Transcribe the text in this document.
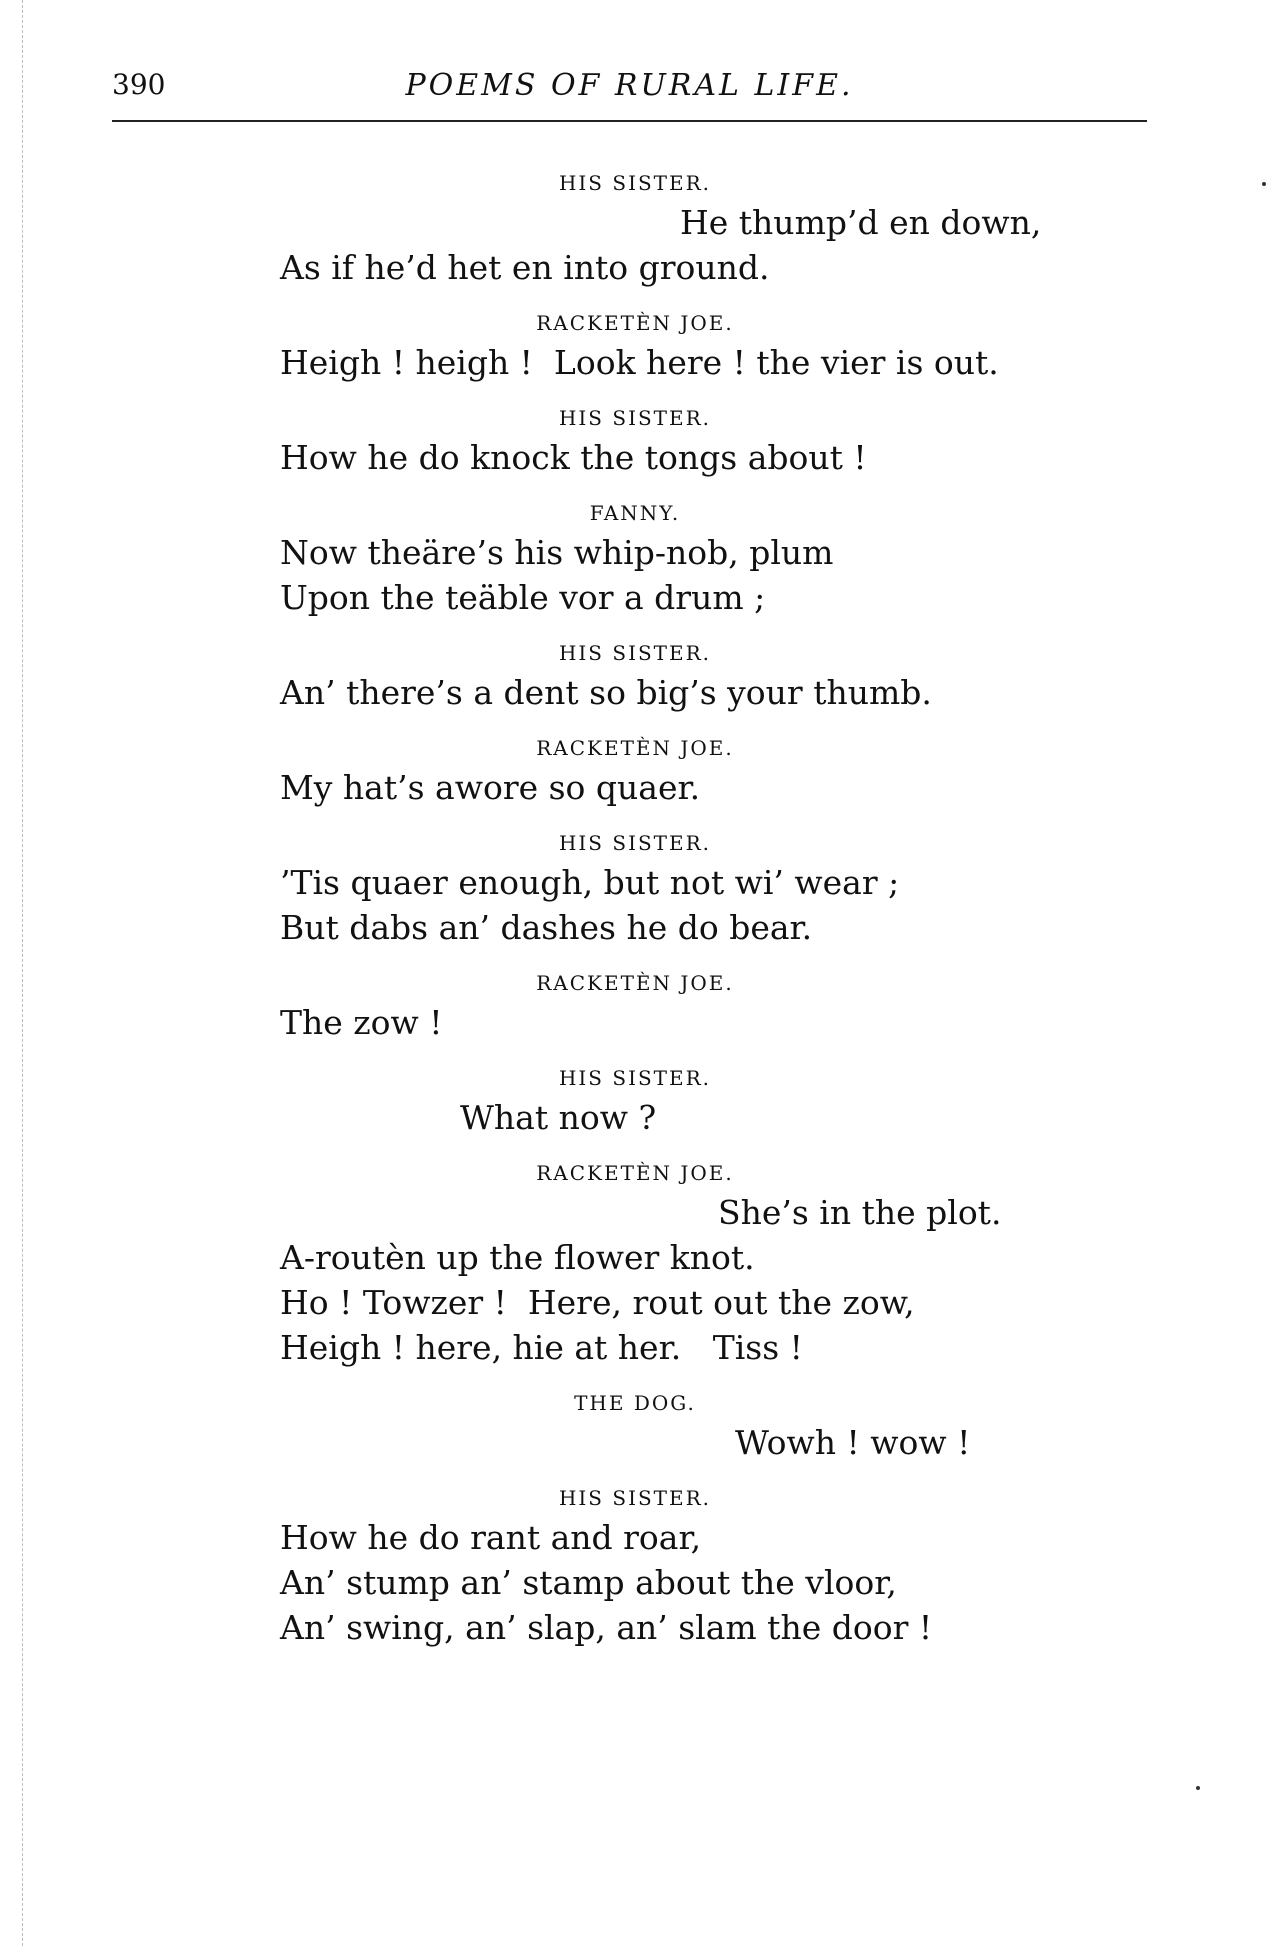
390	POEMS OF RURAL LIFE.
HIS SISTER.
He thump’d en down,
As if he’d het en into ground.
RACKETÈN JOE.
Heigh ! heigh !  Look here ! the vier is out.
HIS SISTER.
How he do knock the tongs about !
FANNY.
Now theäre’s his whip-nob, plum
Upon the teäble vor a drum ;
HIS SISTER.
An’ there’s a dent so big’s your thumb.
RACKETÈN JOE.
My hat’s awore so quaer.
HIS SISTER.
’Tis quaer enough, but not wi’ wear ;
But dabs an’ dashes he do bear.
RACKETÈN JOE.
The zow !
HIS SISTER.
What now ?
RACKETÈN JOE.
She’s in the plot.
A-routèn up the flower knot.
Ho ! Towzer !  Here, rout out the zow,
Heigh ! here, hie at her.   Tiss !
THE DOG.
Wowh ! wow !
HIS SISTER.
How he do rant and roar,
An’ stump an’ stamp about the vloor,
An’ swing, an’ slap, an’ slam the door !
